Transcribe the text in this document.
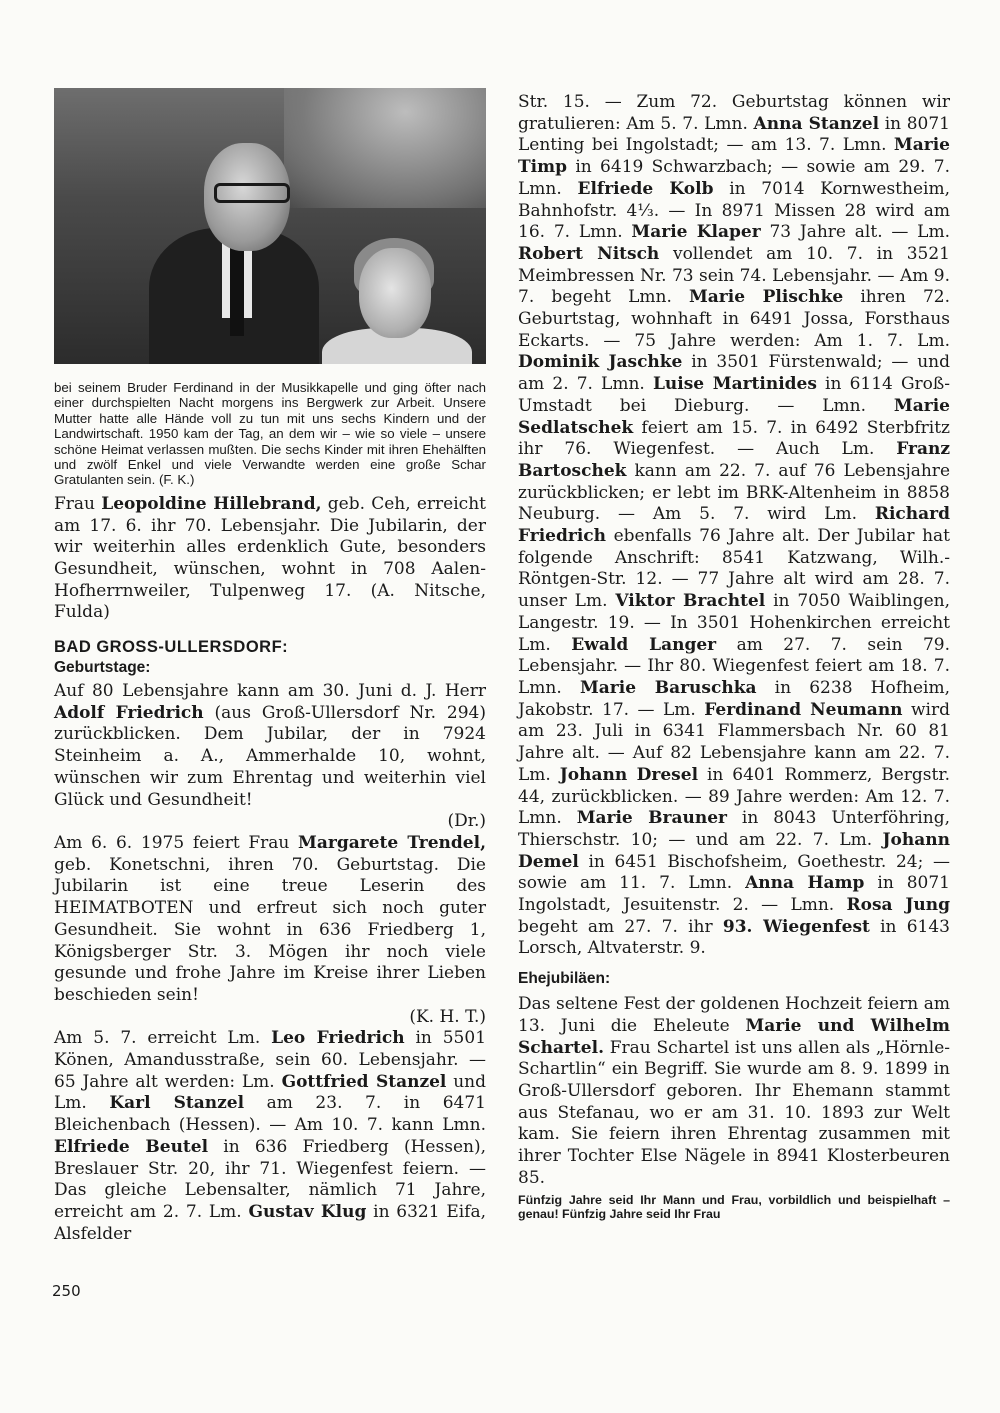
bei seinem Bruder Ferdinand in der Musikkapelle und ging öfter nach einer durchspielten Nacht morgens ins Bergwerk zur Arbeit. Unsere Mutter hatte alle Hände voll zu tun mit uns sechs Kindern und der Landwirtschaft. 1950 kam der Tag, an dem wir – wie so viele – unsere schöne Heimat verlassen mußten. Die sechs Kinder mit ihren Ehehälften und zwölf Enkel und viele Verwandte werden eine große Schar Gratulanten sein. (F. K.)

Frau Leopoldine Hillebrand, geb. Ceh, erreicht am 17. 6. ihr 70. Lebensjahr. Die Jubilarin, der wir weiterhin alles erdenklich Gute, besonders Gesundheit, wünschen, wohnt in 708 Aalen-Hofherrnweiler, Tulpenweg 17. (A. Nitsche, Fulda)

BAD GROSS-ULLERSDORF:
Geburtstage:

Auf 80 Lebensjahre kann am 30. Juni d. J. Herr Adolf Friedrich (aus Groß-Ullersdorf Nr. 294) zurückblicken. Dem Jubilar, der in 7924 Steinheim a. A., Ammerhalde 10, wohnt, wünschen wir zum Ehrentag und weiterhin viel Glück und Gesundheit!

(Dr.)

Am 6. 6. 1975 feiert Frau Margarete Trendel, geb. Konetschni, ihren 70. Geburtstag. Die Jubilarin ist eine treue Leserin des HEIMATBOTEN und erfreut sich noch guter Gesundheit. Sie wohnt in 636 Friedberg 1, Königsberger Str. 3. Mögen ihr noch viele gesunde und frohe Jahre im Kreise ihrer Lieben beschieden sein!

(K. H. T.)

Am 5. 7. erreicht Lm. Leo Friedrich in 5501 Könen, Amandusstraße, sein 60. Lebensjahr. — 65 Jahre alt werden: Lm. Gottfried Stanzel und Lm. Karl Stanzel am 23. 7. in 6471 Bleichenbach (Hessen). — Am 10. 7. kann Lmn. Elfriede Beutel in 636 Friedberg (Hessen), Breslauer Str. 20, ihr 71. Wiegenfest feiern. — Das gleiche Lebensalter, nämlich 71 Jahre, erreicht am 2. 7. Lm. Gustav Klug in 6321 Eifa, Alsfelder

Str. 15. — Zum 72. Geburtstag können wir gratulieren: Am 5. 7. Lmn. Anna Stanzel in 8071 Lenting bei Ingolstadt; — am 13. 7. Lmn. Marie Timp in 6419 Schwarzbach; — sowie am 29. 7. Lmn. Elfriede Kolb in 7014 Kornwestheim, Bahnhofstr. 4⅓. — In 8971 Missen 28 wird am 16. 7. Lmn. Marie Klaper 73 Jahre alt. — Lm. Robert Nitsch vollendet am 10. 7. in 3521 Meimbressen Nr. 73 sein 74. Lebensjahr. — Am 9. 7. begeht Lmn. Marie Plischke ihren 72. Geburtstag, wohnhaft in 6491 Jossa, Forsthaus Eckarts. — 75 Jahre werden: Am 1. 7. Lm. Dominik Jaschke in 3501 Fürstenwald; — und am 2. 7. Lmn. Luise Martinides in 6114 Groß-Umstadt bei Dieburg. — Lmn. Marie Sedlatschek feiert am 15. 7. in 6492 Sterbfritz ihr 76. Wiegenfest. — Auch Lm. Franz Bartoschek kann am 22. 7. auf 76 Lebensjahre zurückblicken; er lebt im BRK-Altenheim in 8858 Neuburg. — Am 5. 7. wird Lm. Richard Friedrich ebenfalls 76 Jahre alt. Der Jubilar hat folgende Anschrift: 8541 Katzwang, Wilh.-Röntgen-Str. 12. — 77 Jahre alt wird am 28. 7. unser Lm. Viktor Brachtel in 7050 Waiblingen, Langestr. 19. — In 3501 Hohenkirchen erreicht Lm. Ewald Langer am 27. 7. sein 79. Lebensjahr. — Ihr 80. Wiegenfest feiert am 18. 7. Lmn. Marie Baruschka in 6238 Hofheim, Jakobstr. 17. — Lm. Ferdinand Neumann wird am 23. Juli in 6341 Flammersbach Nr. 60 81 Jahre alt. — Auf 82 Lebensjahre kann am 22. 7. Lm. Johann Dresel in 6401 Rommerz, Bergstr. 44, zurückblicken. — 89 Jahre werden: Am 12. 7. Lmn. Marie Brauner in 8043 Unterföhring, Thierschstr. 10; — und am 22. 7. Lm. Johann Demel in 6451 Bischofsheim, Goethestr. 24; — sowie am 11. 7. Lmn. Anna Hamp in 8071 Ingolstadt, Jesuitenstr. 2. — Lmn. Rosa Jung begeht am 27. 7. ihr 93. Wiegenfest in 6143 Lorsch, Altvaterstr. 9.

Ehejubiläen:

Das seltene Fest der goldenen Hochzeit feiern am 13. Juni die Eheleute Marie und Wilhelm Schartel. Frau Schartel ist uns allen als „Hörnle-Schartlin“ ein Begriff. Sie wurde am 8. 9. 1899 in Groß-Ullersdorf geboren. Ihr Ehemann stammt aus Stefanau, wo er am 31. 10. 1893 zur Welt kam. Sie feiern ihren Ehrentag zusammen mit ihrer Tochter Else Nägele in 8941 Klosterbeuren 85.

Fünfzig Jahre seid Ihr Mann und Frau, vorbildlich und beispielhaft – genau! Fünfzig Jahre seid Ihr Frau
250
